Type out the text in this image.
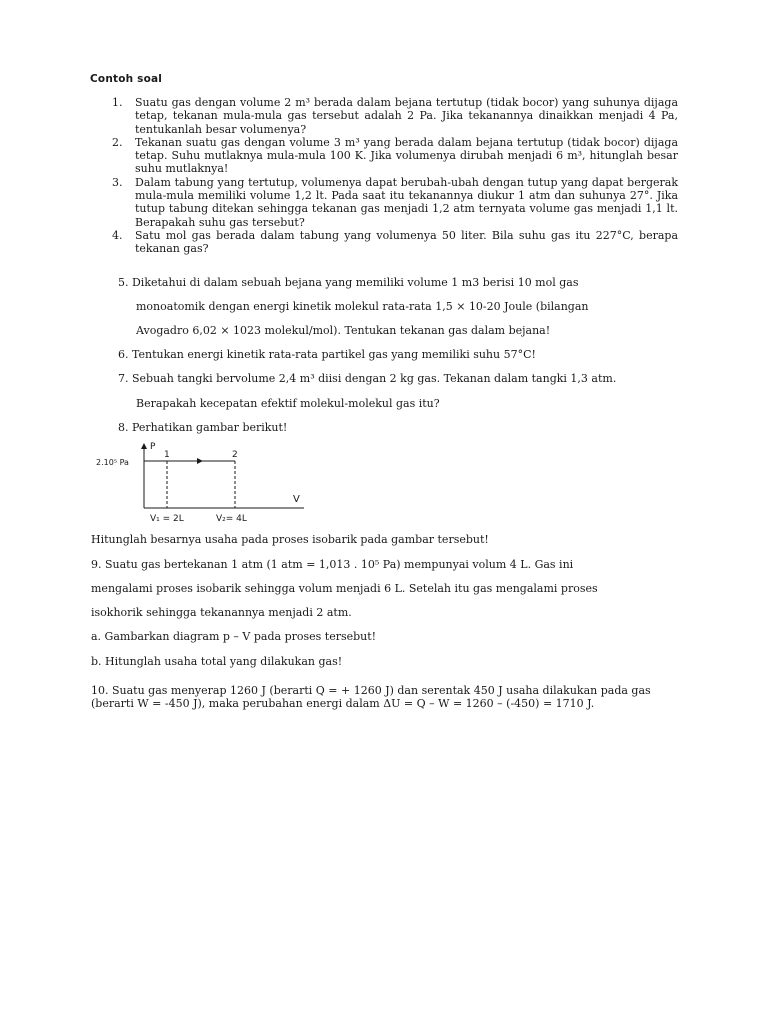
Contoh soal
1. Suatu gas dengan volume 2 m³ berada dalam bejana tertutup (tidak bocor) yang suhunya dijaga tetap, tekanan mula-mula gas tersebut adalah 2 Pa. Jika tekanannya dinaikkan menjadi 4 Pa, tentukanlah besar volumenya?
2. Tekanan suatu gas dengan volume 3 m³ yang berada dalam bejana tertutup (tidak bocor) dijaga tetap. Suhu mutlaknya mula-mula 100 K. Jika volumenya dirubah menjadi 6 m³, hitunglah besar suhu mutlaknya!
3. Dalam tabung yang tertutup, volumenya dapat berubah-ubah dengan tutup yang dapat bergerak mula-mula memiliki volume 1,2 lt. Pada saat itu tekanannya diukur 1 atm dan suhunya 27°. Jika tutup tabung ditekan sehingga tekanan gas menjadi 1,2 atm ternyata volume gas menjadi 1,1 lt. Berapakah suhu gas tersebut?
4. Satu mol gas berada dalam tabung yang volumenya 50 liter. Bila suhu gas itu 227°C, berapa tekanan gas?
5. Diketahui di dalam sebuah bejana yang memiliki volume 1 m3 berisi 10 mol gas
monoatomik dengan energi kinetik molekul rata-rata 1,5 × 10-20 Joule (bilangan
Avogadro 6,02 × 1023 molekul/mol). Tentukan tekanan gas dalam bejana!
6. Tentukan energi kinetik rata-rata partikel gas yang memiliki suhu 57°C!
7. Sebuah tangki bervolume 2,4 m³ diisi dengan 2 kg gas. Tekanan dalam tangki 1,3 atm.
Berapakah kecepatan efektif molekul-molekul gas itu?
8. Perhatikan gambar berikut!
P
V
2.10⁵ Pa
1	2
V₁ = 2L	V₂= 4L
Hitunglah besarnya usaha pada proses isobarik pada gambar tersebut!
9. Suatu gas bertekanan 1 atm (1 atm = 1,013 . 10⁵ Pa) mempunyai volum 4 L. Gas ini
mengalami proses isobarik sehingga volum menjadi 6 L. Setelah itu gas mengalami proses
isokhorik sehingga tekanannya menjadi 2 atm.
a. Gambarkan diagram p – V pada proses tersebut!
b. Hitunglah usaha total yang dilakukan gas!
10. Suatu gas menyerap 1260 J (berarti Q = + 1260 J) dan serentak 450 J usaha dilakukan pada gas (berarti W = -450 J), maka perubahan energi dalam ΔU = Q – W = 1260 – (-450) = 1710 J.
